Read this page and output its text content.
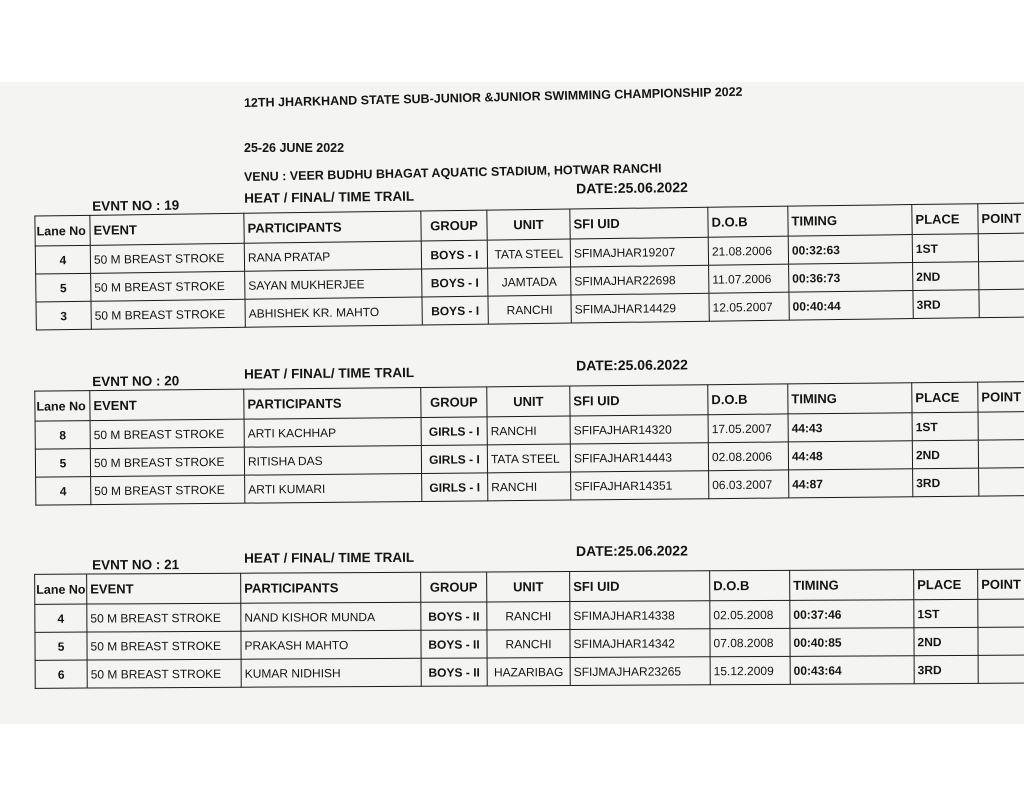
12TH JHARKHAND STATE SUB-JUNIOR &JUNIOR SWIMMING CHAMPIONSHIP 2022
25-26 JUNE 2022
VENU : VEER BUDHU BHAGAT AQUATIC STADIUM, HOTWAR RANCHI
EVNT NO : 19	HEAT / FINAL/ TIME TRAIL
DATE:25.06.2022
Lane No	EVENT	PARTICIPANTS	GROUP	UNIT	SFI UID	D.O.B	TIMING	PLACE	POINT
4	50 M BREAST STROKE	RANA PRATAP	BOYS - I	TATA STEEL	SFIMAJHAR19207	21.08.2006	00:32:63	1ST	
5	50 M BREAST STROKE	SAYAN MUKHERJEE	BOYS - I	JAMTADA	SFIMAJHAR22698	11.07.2006	00:36:73	2ND	
3	50 M BREAST STROKE	ABHISHEK KR. MAHTO	BOYS - I	RANCHI	SFIMAJHAR14429	12.05.2007	00:40:44	3RD	
EVNT NO : 20	HEAT / FINAL/ TIME TRAIL	DATE:25.06.2022
Lane No	EVENT	PARTICIPANTS	GROUP	UNIT	SFI UID	D.O.B	TIMING	PLACE	POINT
8	50 M BREAST STROKE	ARTI KACHHAP	GIRLS - I	RANCHI	SFIFAJHAR14320	17.05.2007	44:43	1ST	
5	50 M BREAST STROKE	RITISHA DAS	GIRLS - I	TATA STEEL	SFIFAJHAR14443	02.08.2006	44:48	2ND	
4	50 M BREAST STROKE	ARTI KUMARI	GIRLS - I	RANCHI	SFIFAJHAR14351	06.03.2007	44:87	3RD	
EVNT NO : 21	HEAT / FINAL/ TIME TRAIL	DATE:25.06.2022
Lane No	EVENT	PARTICIPANTS	GROUP	UNIT	SFI UID	D.O.B	TIMING	PLACE	POINT
4	50 M BREAST STROKE	NAND KISHOR MUNDA	BOYS - II	RANCHI	SFIMAJHAR14338	02.05.2008	00:37:46	1ST	
5	50 M BREAST STROKE	PRAKASH MAHTO	BOYS - II	RANCHI	SFIMAJHAR14342	07.08.2008	00:40:85	2ND	
6	50 M BREAST STROKE	KUMAR NIDHISH	BOYS - II	HAZARIBAG	SFIJMAJHAR23265	15.12.2009	00:43:64	3RD	
